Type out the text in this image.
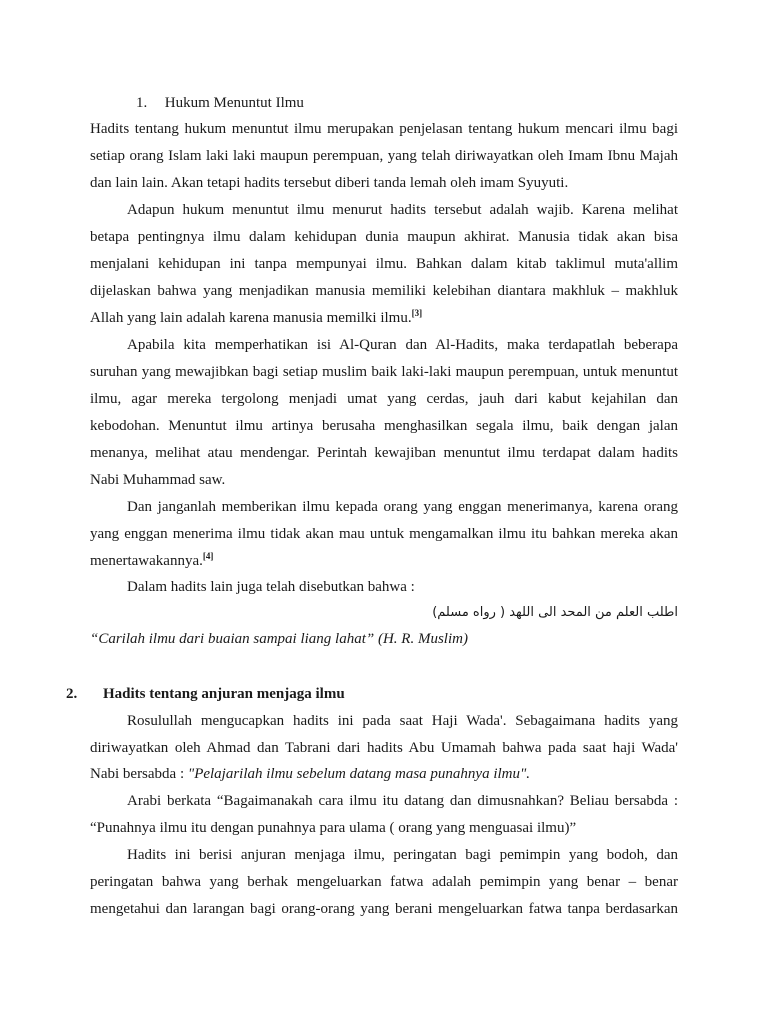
1. Hukum Menuntut Ilmu
Hadits tentang hukum menuntut ilmu merupakan penjelasan tentang hukum mencari ilmu bagi
setiap orang Islam laki laki maupun perempuan, yang telah diriwayatkan oleh Imam Ibnu Majah
dan lain lain. Akan tetapi hadits tersebut diberi tanda lemah oleh imam Syuyuti.
Adapun hukum menuntut ilmu menurut hadits tersebut adalah wajib. Karena melihat
betapa pentingnya ilmu dalam kehidupan dunia maupun akhirat. Manusia tidak akan bisa
menjalani kehidupan ini tanpa mempunyai ilmu. Bahkan dalam kitab taklimul muta'allim
dijelaskan bahwa yang menjadikan manusia memiliki kelebihan diantara makhluk – makhluk
Allah yang lain adalah karena manusia memilki ilmu.[3]
Apabila kita memperhatikan isi Al-Quran dan Al-Hadits, maka terdapatlah beberapa
suruhan yang mewajibkan bagi setiap muslim baik laki-laki maupun perempuan, untuk menuntut
ilmu, agar mereka tergolong menjadi umat yang cerdas, jauh dari kabut kejahilan dan
kebodohan. Menuntut ilmu artinya berusaha menghasilkan segala ilmu, baik dengan jalan
menanya, melihat atau mendengar. Perintah kewajiban menuntut ilmu terdapat dalam hadits
Nabi Muhammad saw.
Dan janganlah memberikan ilmu kepada orang yang enggan menerimanya, karena orang
yang enggan menerima ilmu tidak akan mau untuk mengamalkan ilmu itu bahkan mereka akan
menertawakannya.[4]
Dalam hadits lain juga telah disebutkan bahwa :
اطلب العلم من المحد الى اللهد ( رواه مسلم)
“Carilah ilmu dari buaian sampai liang lahat” (H. R. Muslim)
2. Hadits tentang anjuran menjaga ilmu
Rosulullah mengucapkan hadits ini pada saat Haji Wada'. Sebagaimana hadits yang
diriwayatkan oleh Ahmad dan Tabrani dari hadits Abu Umamah bahwa pada saat haji Wada'
Nabi bersabda : "Pelajarilah ilmu sebelum datang masa punahnya ilmu".
Arabi berkata “Bagaimanakah cara ilmu itu datang dan dimusnahkan? Beliau bersabda :
“Punahnya ilmu itu dengan punahnya para ulama ( orang yang menguasai ilmu)”
Hadits ini berisi anjuran menjaga ilmu, peringatan bagi pemimpin yang bodoh, dan
peringatan bahwa yang berhak mengeluarkan fatwa adalah pemimpin yang benar – benar
mengetahui dan larangan bagi orang-orang yang berani mengeluarkan fatwa tanpa berdasarkan
